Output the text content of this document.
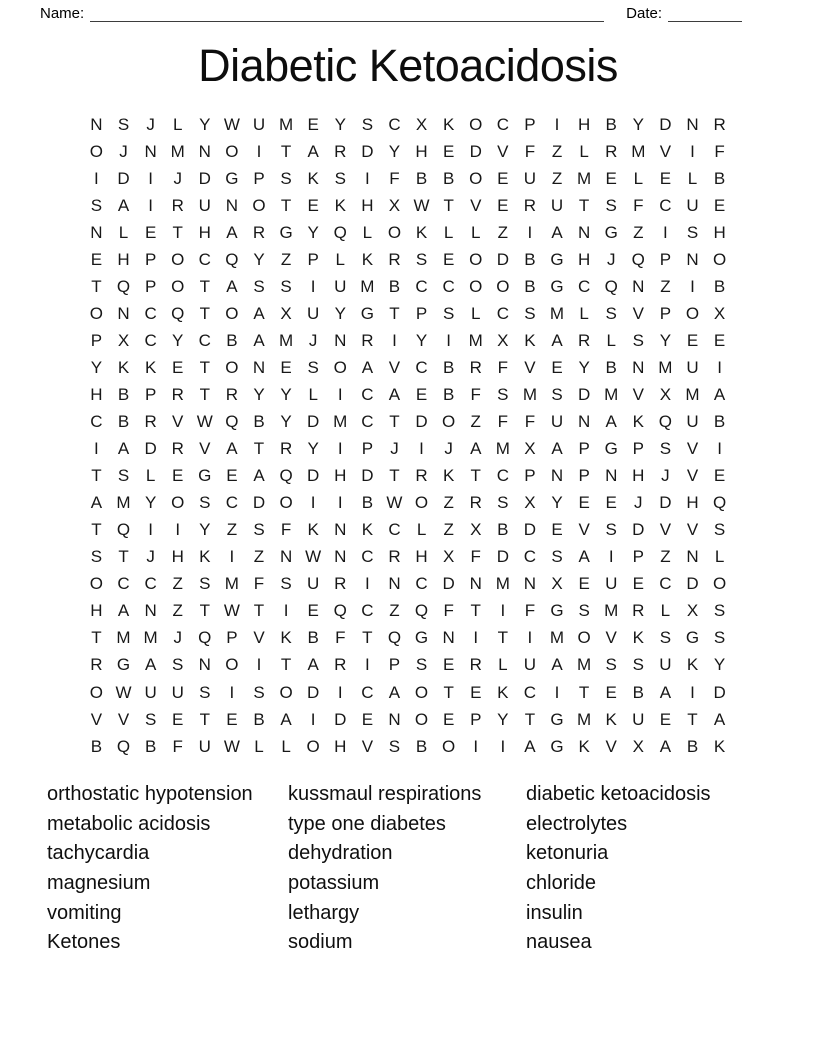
Name:	Date:
Diabetic Ketoacidosis
N S	J	L Y W U M E Y S C X K O C P	I	H B Y D N R
O J N M N O	I	T A R D Y H E D V F Z	L R M V	I	F
I	D	I	J D G P S K S	I	F B B O E U Z M E L E L B
S A	I	R U N O T E K H X W T V E R U T S F C U E
N L E T H A R G Y Q L O K L	L	Z	I	A N G Z	I	S H
E H P O C Q Y Z P L K R S E O D B G H J Q P N O
T Q P O T A S S	I	U M B C C O O B G C Q N Z	I	B
O N C Q T O A X U Y G T P S L C S M L S V P O X
P X C Y C B A M J N R	I	Y	I	M X K A R L S Y E E
Y K K E T O N E S O A V C B R F V E Y B N M U	I
H B P R T R Y Y L	I	C A E B F S M S D M V X M A
C B R V W Q B Y D M C T D O Z F F U N A K Q U B
I	A D R V A T R Y	I	P	J	I	J	A M X A P G P S V	I
T S L E G E A Q D H D T R K T C P N P N H J	V E
A M Y O S C D O	I	I	B W O Z R S X Y E E	J D H Q
T Q	I	I	Y Z S F K N K C L	Z X B D E V S D V V S
S T	J H K	I	Z N W N C R H X F D C S A	I	P Z N L
O C C Z S M F S U R	I	N C D N M N X E U E C D O
H A N Z T W T	I	E Q C Z Q F T	I	F G S M R L X S
T M M J Q P V K B F T Q G N	I	T	I	M O V K S G S
R G A S N O	I	T A R	I	P S E R L U A M S S U K Y
O W U U S	I	S O D	I	C A O T E K C	I	T E B A	I	D
V V S E T E B A	I	D E N O E P Y T G M K U E T A
B Q B F U W L	L O H V S B O	I	I	A G K V X A B K
orthostatic hypotension
metabolic acidosis
tachycardia
magnesium
vomiting
Ketones
kussmaul respirations
type one diabetes
dehydration
potassium
lethargy
sodium
diabetic ketoacidosis
electrolytes
ketonuria
chloride
insulin
nausea
